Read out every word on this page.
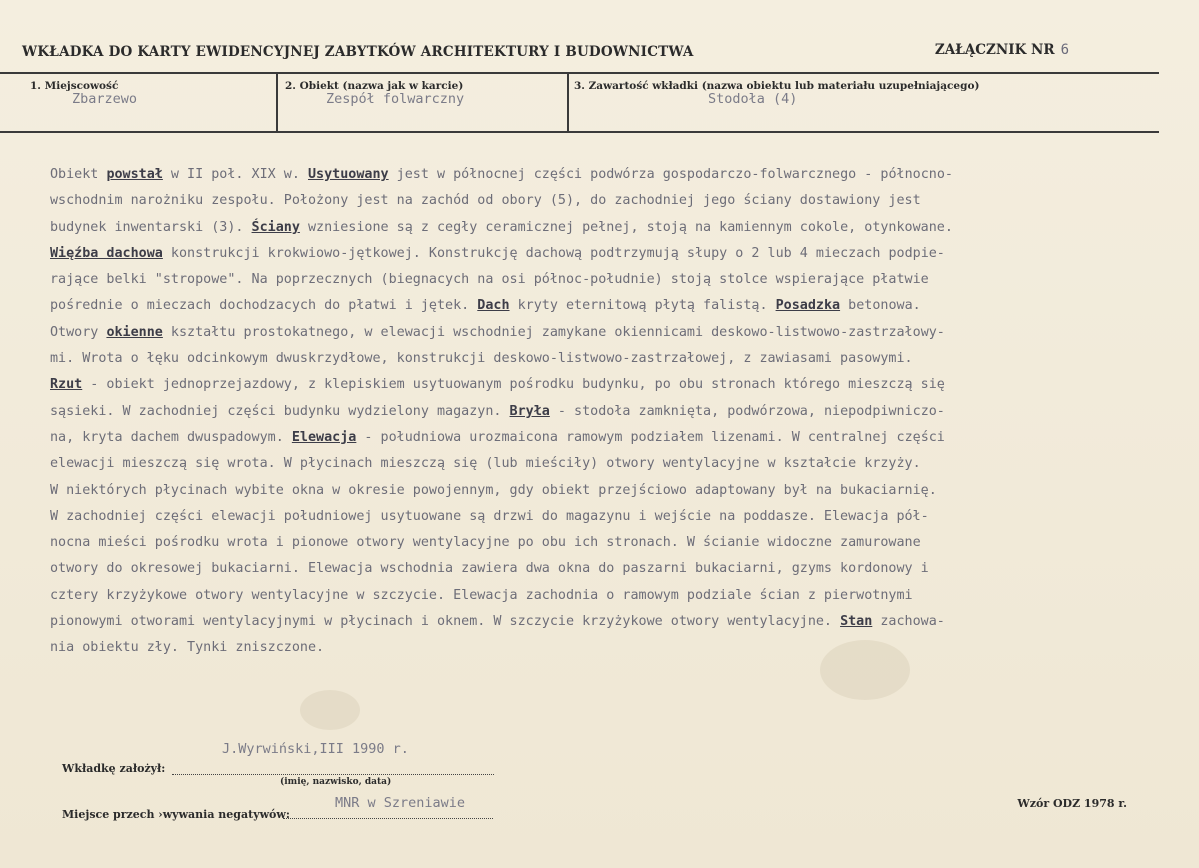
WKŁADKA DO KARTY EWIDENCYJNEJ ZABYTKÓW ARCHITEKTURY I BUDOWNICTWA	ZAŁĄCZNIK NR 6
1. Miejscowość
Zbarzewo
2. Obiekt (nazwa jak w karcie)
Zespół folwarczny
3. Zawartość wkładki (nazwa obiektu lub materiału uzupełniającego)
Stodoła (4)
Obiekt powstał w II poł. XIX w. Usytuowany jest w północnej części podwórza gospodarczo-folwarcznego - północno-
wschodnim narożniku zespołu. Położony jest na zachód od obory (5), do zachodniej jego ściany dostawiony jest
budynek inwentarski (3). Ściany wzniesione są z cegły ceramicznej pełnej, stoją na kamiennym cokole, otynkowane.
Więźba dachowa konstrukcji krokwiowo-jętkowej. Konstrukcję dachową podtrzymują słupy o 2 lub 4 mieczach podpie-
rające belki "stropowe". Na poprzecznych (biegnacych na osi północ-południe) stoją stolce wspierające płatwie
pośrednie o mieczach dochodzacych do płatwi i jętek. Dach kryty eternitową płytą falistą. Posadzka betonowa.
Otwory okienne kształtu prostokatnego, w elewacji wschodniej zamykane okiennicami deskowo-listwowo-zastrzałowy-
mi. Wrota o łęku odcinkowym dwuskrzydłowe, konstrukcji deskowo-listwowo-zastrzałowej, z zawiasami pasowymi.
Rzut - obiekt jednoprzejazdowy, z klepiskiem usytuowanym pośrodku budynku, po obu stronach którego mieszczą się
sąsieki. W zachodniej części budynku wydzielony magazyn. Bryła - stodoła zamknięta, podwórzowa, niepodpiwniczo-
na, kryta dachem dwuspadowym. Elewacja - południowa urozmaicona ramowym podziałem lizenami. W centralnej części
elewacji mieszczą się wrota. W płycinach mieszczą się (lub mieściły) otwory wentylacyjne w kształcie krzyży.
W niektórych płycinach wybite okna w okresie powojennym, gdy obiekt przejściowo adaptowany był na bukaciarnię.
W zachodniej części elewacji południowej usytuowane są drzwi do magazynu i wejście na poddasze. Elewacja pół-
nocna mieści pośrodku wrota i pionowe otwory wentylacyjne po obu ich stronach. W ścianie widoczne zamurowane
otwory do okresowej bukaciarni. Elewacja wschodnia zawiera dwa okna do paszarni bukaciarni, gzyms kordonowy i
cztery krzyżykowe otwory wentylacyjne w szczycie. Elewacja zachodnia o ramowym podziale ścian z pierwotnymi
pionowymi otworami wentylacyjnymi w płycinach i oknem. W szczycie krzyżykowe otwory wentylacyjne. Stan zachowa-
nia obiektu zły. Tynki zniszczone.
Wkładkę założył:
J.Wyrwiński,III 1990 r.
(imię, nazwisko, data)
Miejsce przech ›wywania negatywów:
MNR w Szreniawie	Wzór ODZ 1978 r.
